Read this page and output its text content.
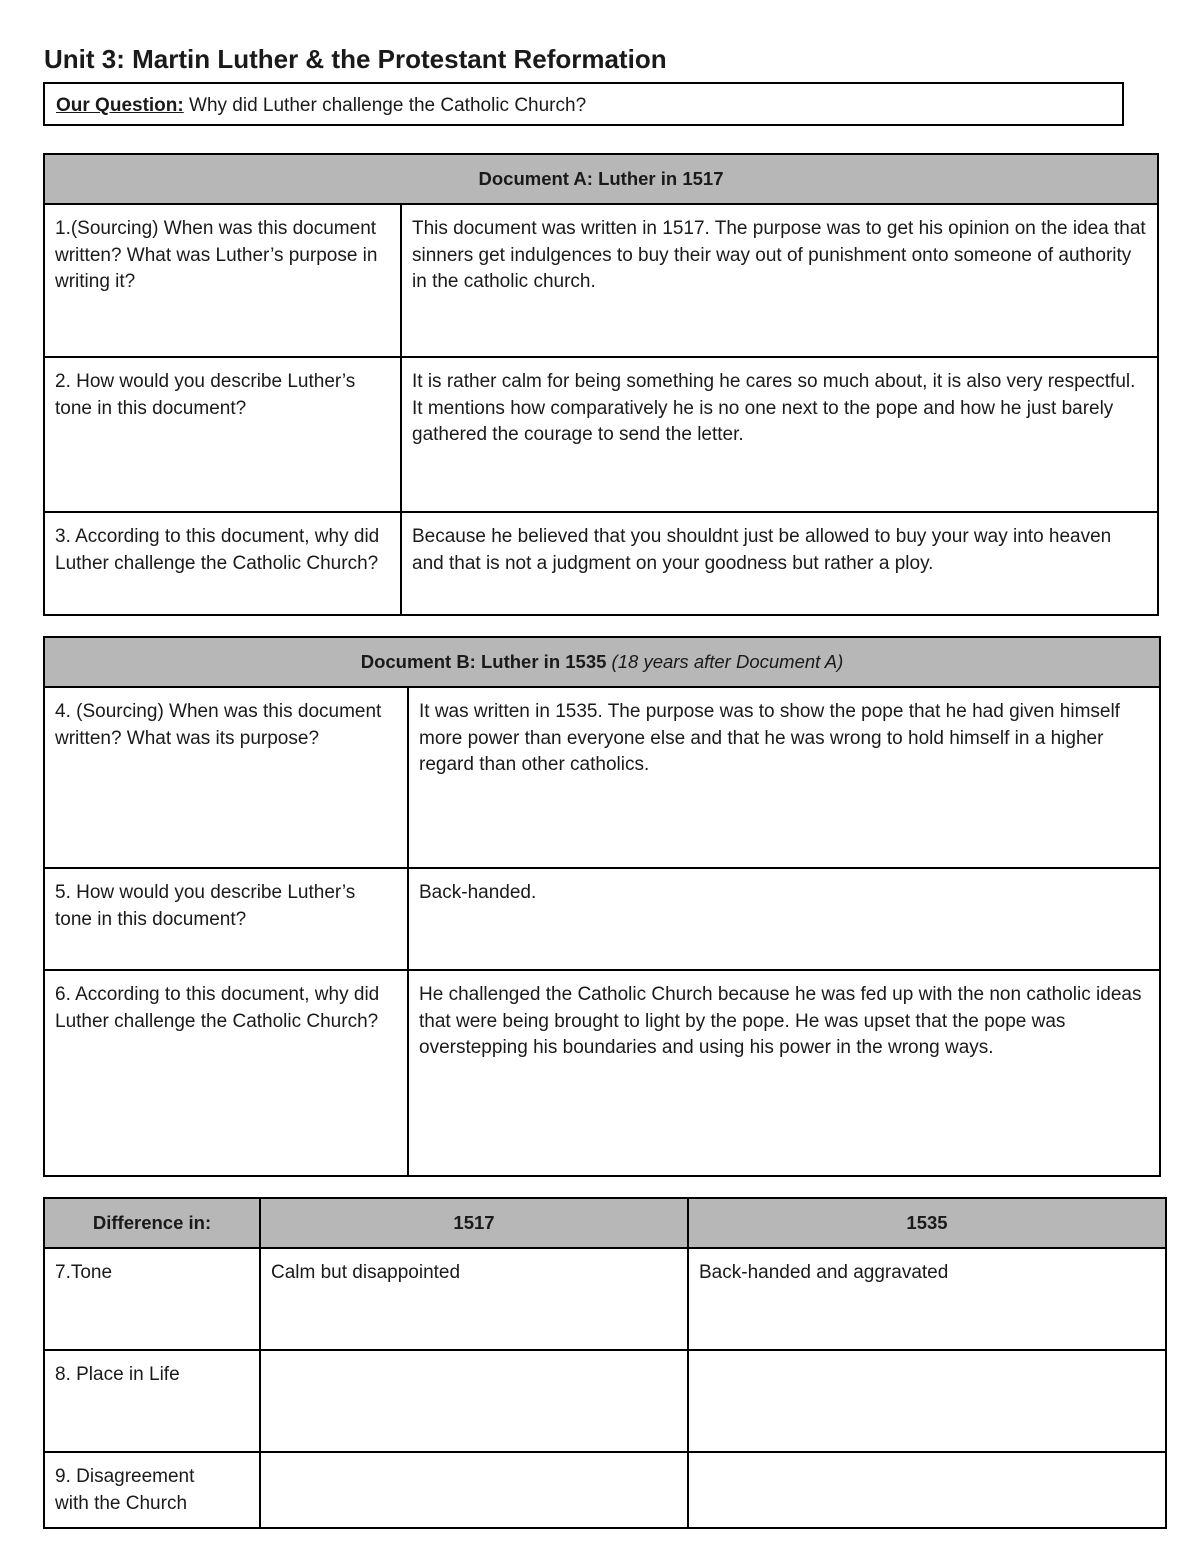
Unit 3: Martin Luther & the Protestant Reformation
Our Question: Why did Luther challenge the Catholic Church?
Document A: Luther in 1517	
1.(Sourcing) When was this document written? What was Luther’s purpose in writing it?	This document was written in 1517. The purpose was to get his opinion on the idea that sinners get indulgences to buy their way out of punishment onto someone of authority in the catholic church.
2. How would you describe Luther’s tone in this document?	It is rather calm for being something he cares so much about, it is also very respectful. It mentions how comparatively he is no one next to the pope and how he just barely gathered the courage to send the letter.
3. According to this document, why did Luther challenge the Catholic Church?	Because he believed that you shouldnt just be allowed to buy your way into heaven and that is not a judgment on your goodness but rather a ploy.
Document B: Luther in 1535 (18 years after Document A)	
4. (Sourcing) When was this document written? What was its purpose?	It was written in 1535. The purpose was to show the pope that he had given himself more power than everyone else and that he was wrong to hold himself in a higher regard than other catholics.
5. How would you describe Luther’s tone in this document?	Back-handed.
6. According to this document, why did Luther challenge the Catholic Church?	He challenged the Catholic Church because he was fed up with the non catholic ideas that were being brought to light by the pope. He was upset that the pope was overstepping his boundaries and using his power in the wrong ways.
Difference in:	1517	1535
7.Tone	Calm but disappointed	Back-handed and aggravated
8. Place in Life		
9. Disagreement with the Church		
